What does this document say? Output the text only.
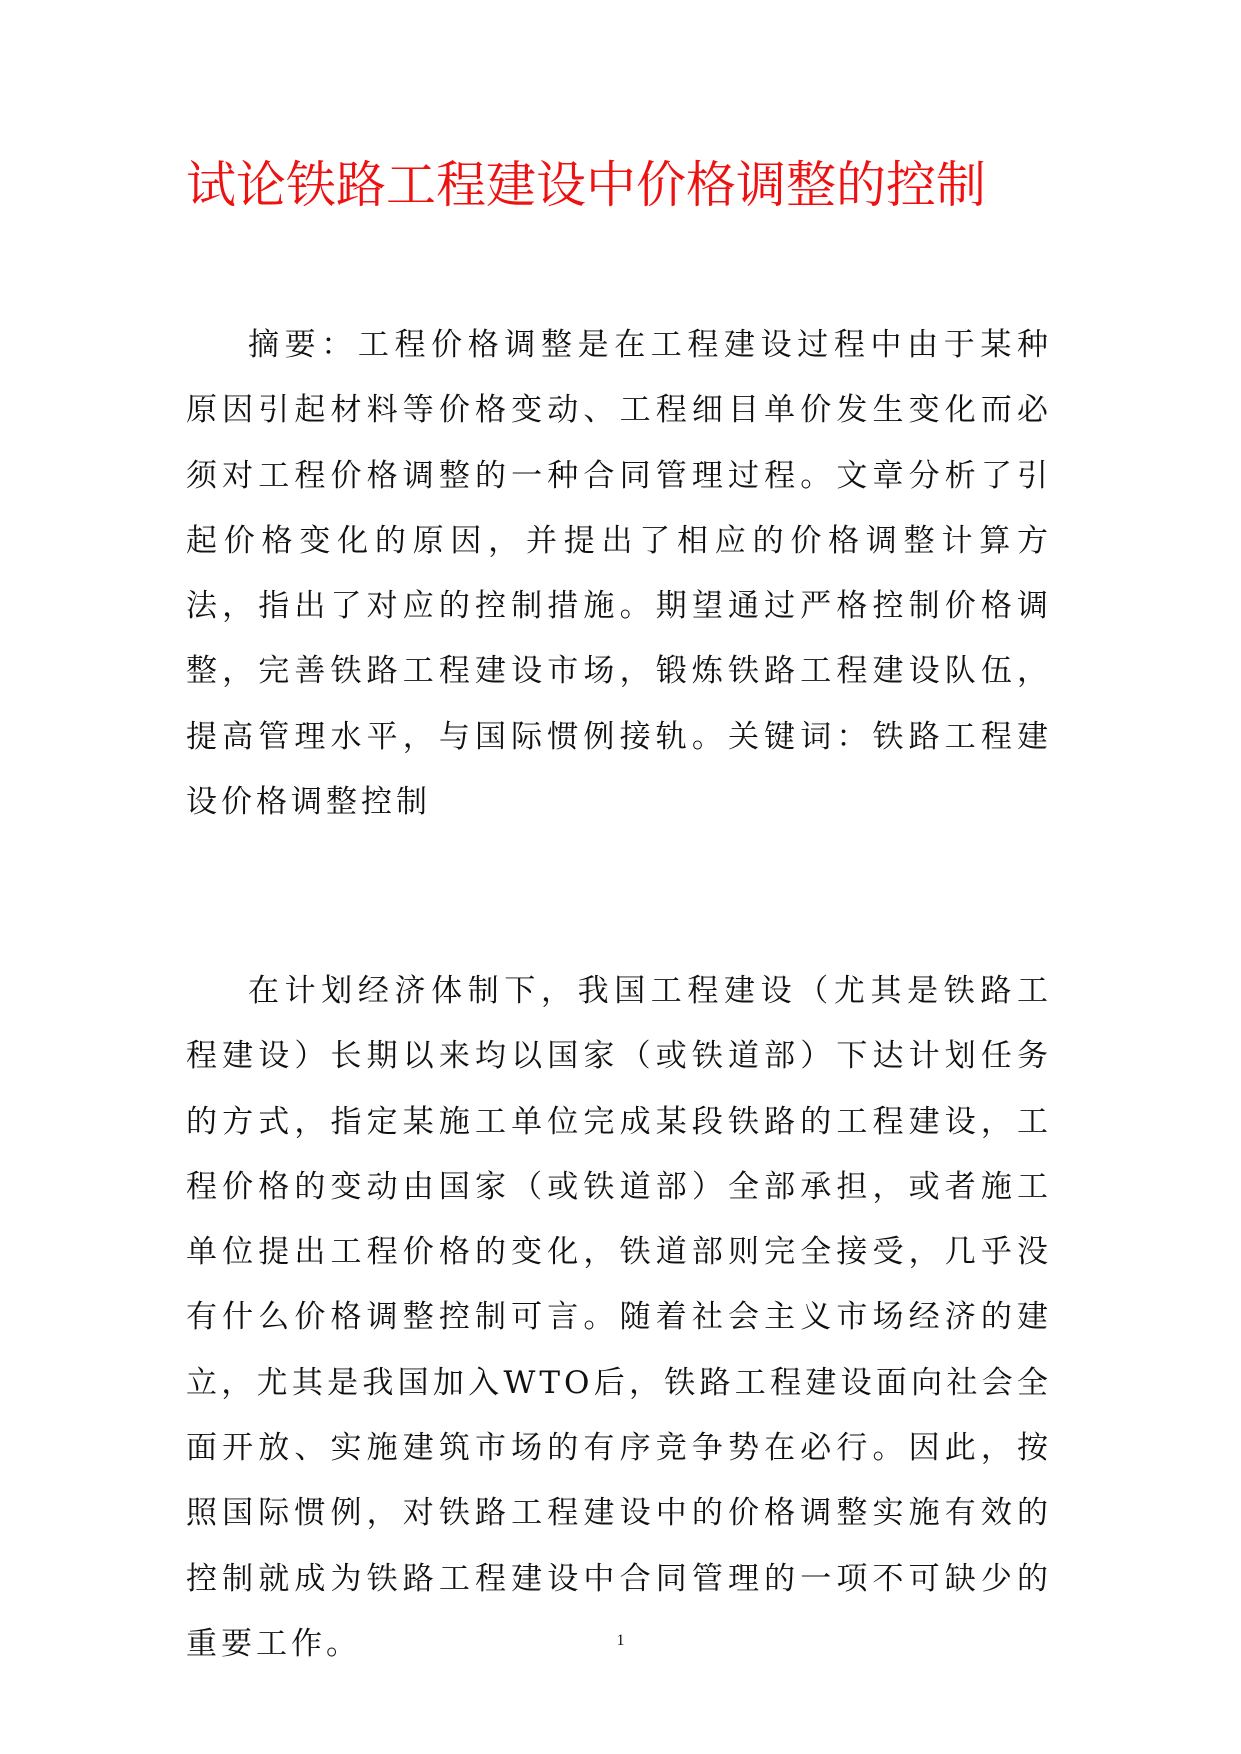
试论铁路工程建设中价格调整的控制

摘要：工程价格调整是在工程建设过程中由于某种原因引起材料等价格变动、工程细目单价发生变化而必须对工程价格调整的一种合同管理过程。文章分析了引起价格变化的原因，并提出了相应的价格调整计算方法，指出了对应的控制措施。期望通过严格控制价格调整，完善铁路工程建设市场，锻炼铁路工程建设队伍，提高管理水平，与国际惯例接轨。关键词：铁路工程建设价格调整控制

在计划经济体制下，我国工程建设（尤其是铁路工程建设）长期以来均以国家（或铁道部）下达计划任务的方式，指定某施工单位完成某段铁路的工程建设，工程价格的变动由国家（或铁道部）全部承担，或者施工单位提出工程价格的变化，铁道部则完全接受，几乎没有什么价格调整控制可言。随着社会主义市场经济的建立，尤其是我国加入WTO后，铁路工程建设面向社会全面开放、实施建筑市场的有序竞争势在必行。因此，按照国际惯例，对铁路工程建设中的价格调整实施有效的控制就成为铁路工程建设中合同管理的一项不可缺少的重要工作。	1
